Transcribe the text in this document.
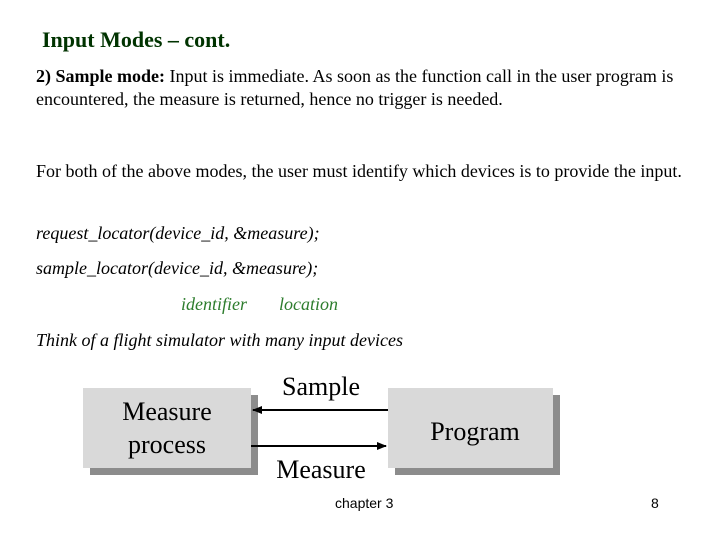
Input Modes – cont.
2) Sample mode: Input is immediate. As soon as the function call in the user program is encountered, the measure is returned, hence no trigger is needed.
For both of the above modes, the user must identify which devices is to provide the input.
request_locator(device_id, &measure);
sample_locator(device_id, &measure);
identifier location
Think of a flight simulator with many input devices
Measure
process	Program
Sample
Measure
chapter 3	8
